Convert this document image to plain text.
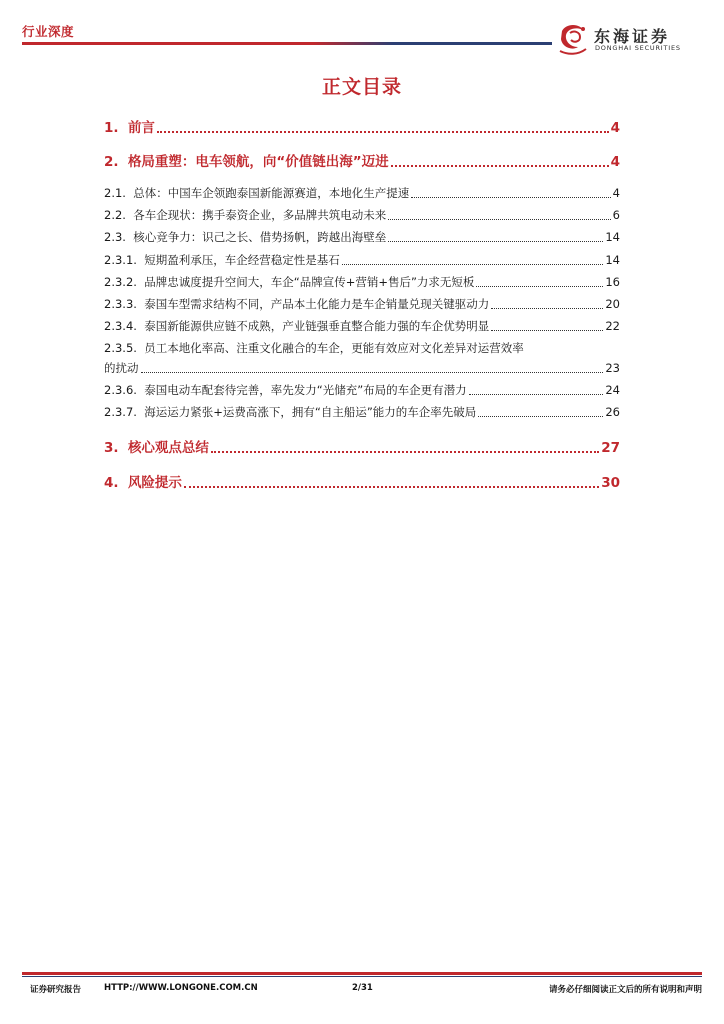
行业深度	东海证券
DONGHAI SECURITIES
正文目录
1. 前言	4
2. 格局重塑：电车领航，向“价值链出海”迈进	4
2.1. 总体：中国车企领跑泰国新能源赛道，本地化生产提速	4
2.2. 各车企现状：携手泰资企业，多品牌共筑电动未来	6
2.3. 核心竞争力：识己之长、借势扬帆，跨越出海壁垒	14
2.3.1. 短期盈利承压，车企经营稳定性是基石	14
2.3.2. 品牌忠诚度提升空间大，车企“品牌宣传+营销+售后”力求无短板	16
2.3.3. 泰国车型需求结构不同，产品本土化能力是车企销量兑现关键驱动力	20
2.3.4. 泰国新能源供应链不成熟，产业链强垂直整合能力强的车企优势明显	22
2.3.5. 员工本地化率高、注重文化融合的车企，更能有效应对文化差异对运营效率
的扰动	23
2.3.6. 泰国电动车配套待完善，率先发力“光储充”布局的车企更有潜力	24
2.3.7. 海运运力紧张+运费高涨下，拥有“自主船运”能力的车企率先破局	26
3. 核心观点总结	27
4. 风险提示	30
证券研究报告	HTTP://WWW.LONGONE.COM.CN	2/31	请务必仔细阅读正文后的所有说明和声明
